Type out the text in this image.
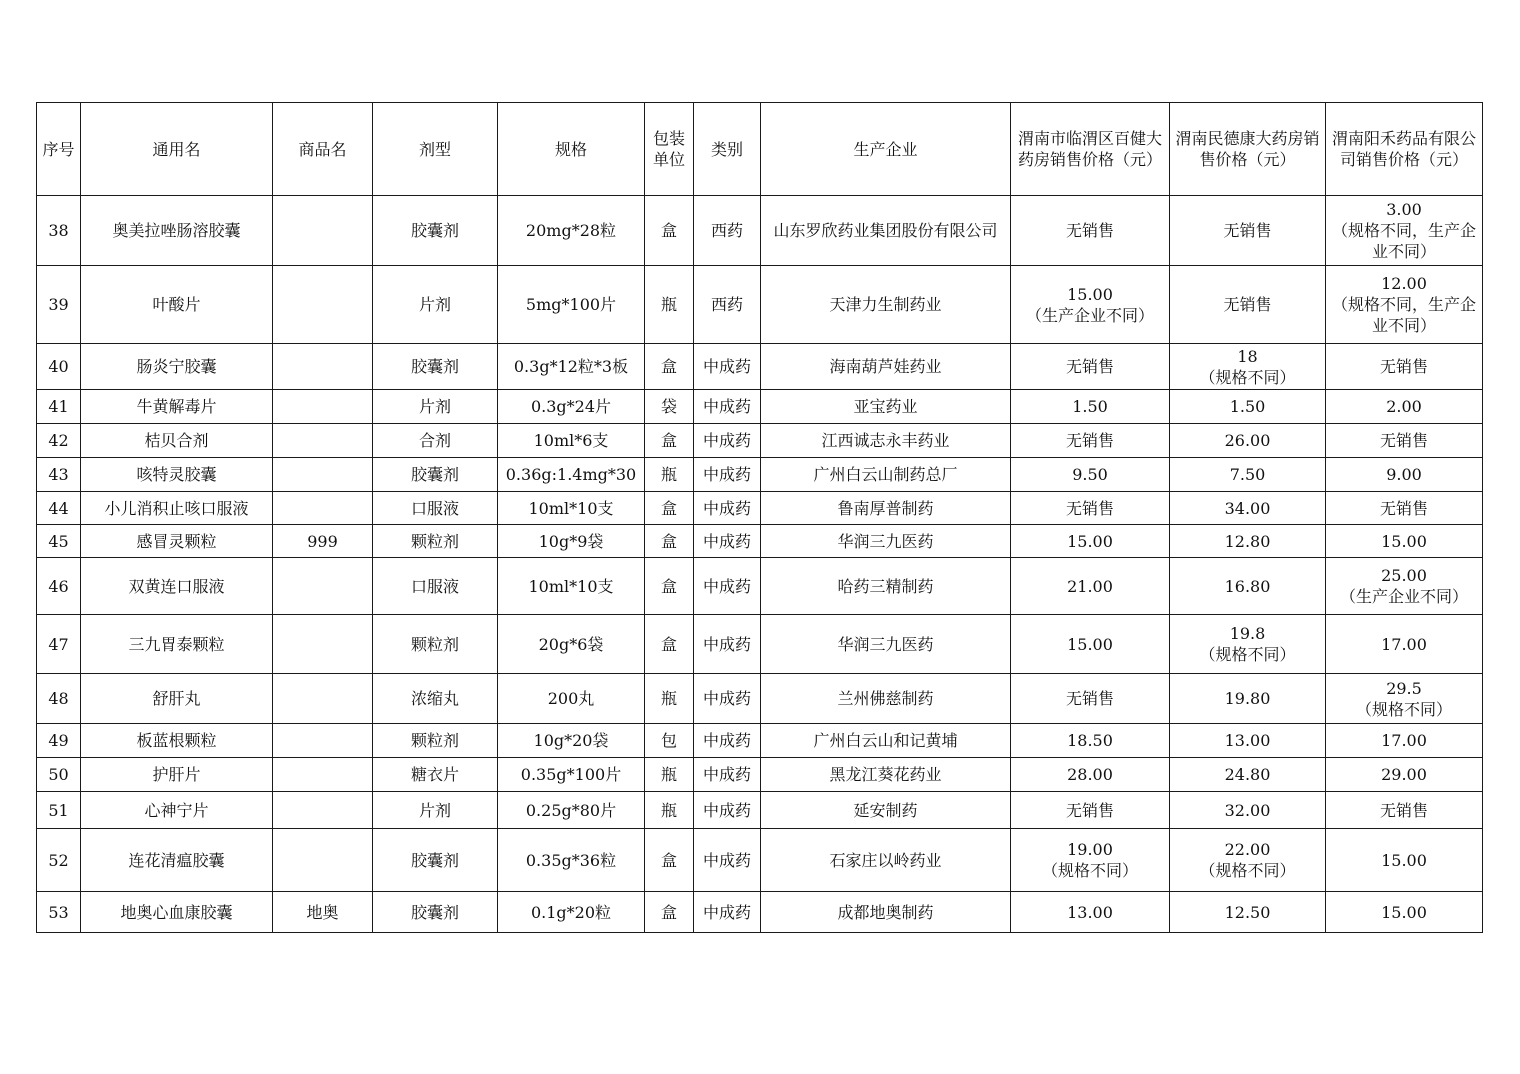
序号	通用名	商品名	剂型	规格	包装单位	类别	生产企业	渭南市临渭区百健大药房销售价格（元）	渭南民德康大药房销售价格（元）	渭南阳禾药品有限公司销售价格（元）
38	奥美拉唑肠溶胶囊		胶囊剂	20mg*28粒	盒	西药	山东罗欣药业集团股份有限公司	无销售	无销售	3.00
（规格不同，生产企业不同）

39	叶酸片		片剂	5mg*100片	瓶	西药	天津力生制药业	15.00
（生产企业不同）	无销售	12.00
（规格不同，生产企业不同）

40	肠炎宁胶囊		胶囊剂	0.3g*12粒*3板	盒	中成药	海南葫芦娃药业	无销售	18
（规格不同）	无销售

41	牛黄解毒片		片剂	0.3g*24片	袋	中成药	亚宝药业	1.50	1.50	2.00

42	桔贝合剂		合剂	10ml*6支	盒	中成药	江西诚志永丰药业	无销售	26.00	无销售

43	咳特灵胶囊		胶囊剂	0.36g:1.4mg*30	瓶	中成药	广州白云山制药总厂	9.50	7.50	9.00

44	小儿消积止咳口服液		口服液	10ml*10支	盒	中成药	鲁南厚普制药	无销售	34.00	无销售

45	感冒灵颗粒	999	颗粒剂	10g*9袋	盒	中成药	华润三九医药	15.00	12.80	15.00

46	双黄连口服液		口服液	10ml*10支	盒	中成药	哈药三精制药	21.00	16.80	25.00
（生产企业不同）

47	三九胃泰颗粒		颗粒剂	20g*6袋	盒	中成药	华润三九医药	15.00	19.8
（规格不同）	17.00

48	舒肝丸		浓缩丸	200丸	瓶	中成药	兰州佛慈制药	无销售	19.80	29.5
（规格不同）

49	板蓝根颗粒		颗粒剂	10g*20袋	包	中成药	广州白云山和记黄埔	18.50	13.00	17.00

50	护肝片		糖衣片	0.35g*100片	瓶	中成药	黑龙江葵花药业	28.00	24.80	29.00

51	心神宁片		片剂	0.25g*80片	瓶	中成药	延安制药	无销售	32.00	无销售

52	连花清瘟胶囊		胶囊剂	0.35g*36粒	盒	中成药	石家庄以岭药业	19.00
（规格不同）	22.00
（规格不同）	15.00

53	地奥心血康胶囊	地奥	胶囊剂	0.1g*20粒	盒	中成药	成都地奥制药	13.00	12.50	15.00
